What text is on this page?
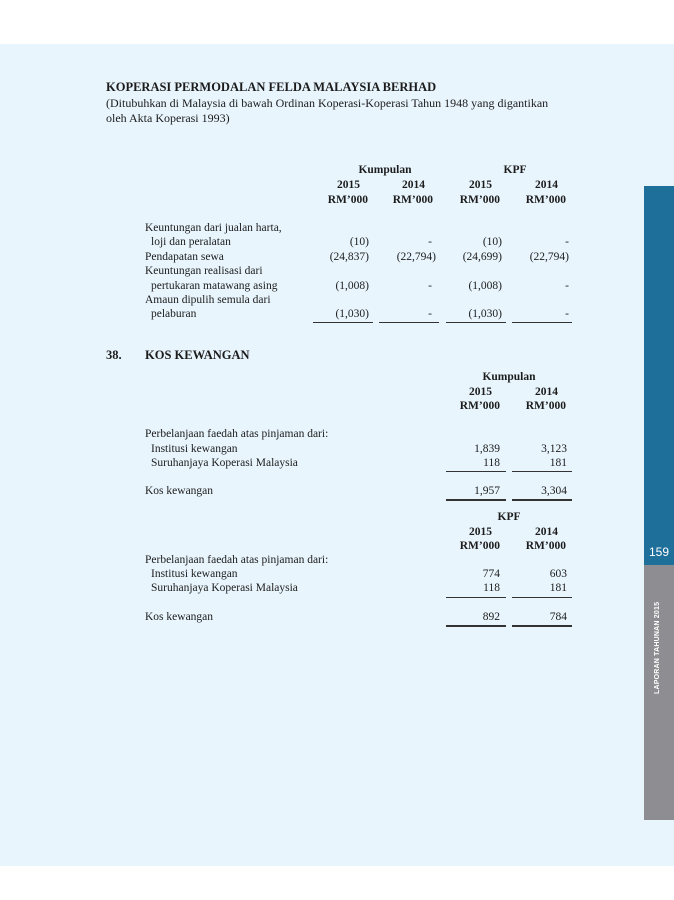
159
LAPORAN TAHUNAN 2015
KOPERASI PERMODALAN FELDA MALAYSIA BERHAD
(Ditubuhkan di Malaysia di bawah Ordinan Koperasi-Koperasi Tahun 1948 yang digantikan
oleh Akta Koperasi 1993)
Kumpulan	KPF
2015	2014	2015	2014
RM’000	RM’000	RM’000	RM’000
Keuntungan dari jualan harta,
loji dan peralatan	(10)	-	(10)	-
Pendapatan sewa	(24,837)	(22,794)	(24,699)	(22,794)
Keuntungan realisasi dari
pertukaran matawang asing	(1,008)	-	(1,008)	-
Amaun dipulih semula dari
pelaburan	(1,030)	-	(1,030)	-
38. KOS KEWANGAN
Kumpulan
2015	2014
RM’000	RM’000
Perbelanjaan faedah atas pinjaman dari:
Institusi kewangan	1,839	3,123
Suruhanjaya Koperasi Malaysia	118	181
Kos kewangan	1,957	3,304
KPF
2015	2014
RM’000	RM’000
Perbelanjaan faedah atas pinjaman dari:
Institusi kewangan	774	603
Suruhanjaya Koperasi Malaysia	118	181
Kos kewangan	892	784
